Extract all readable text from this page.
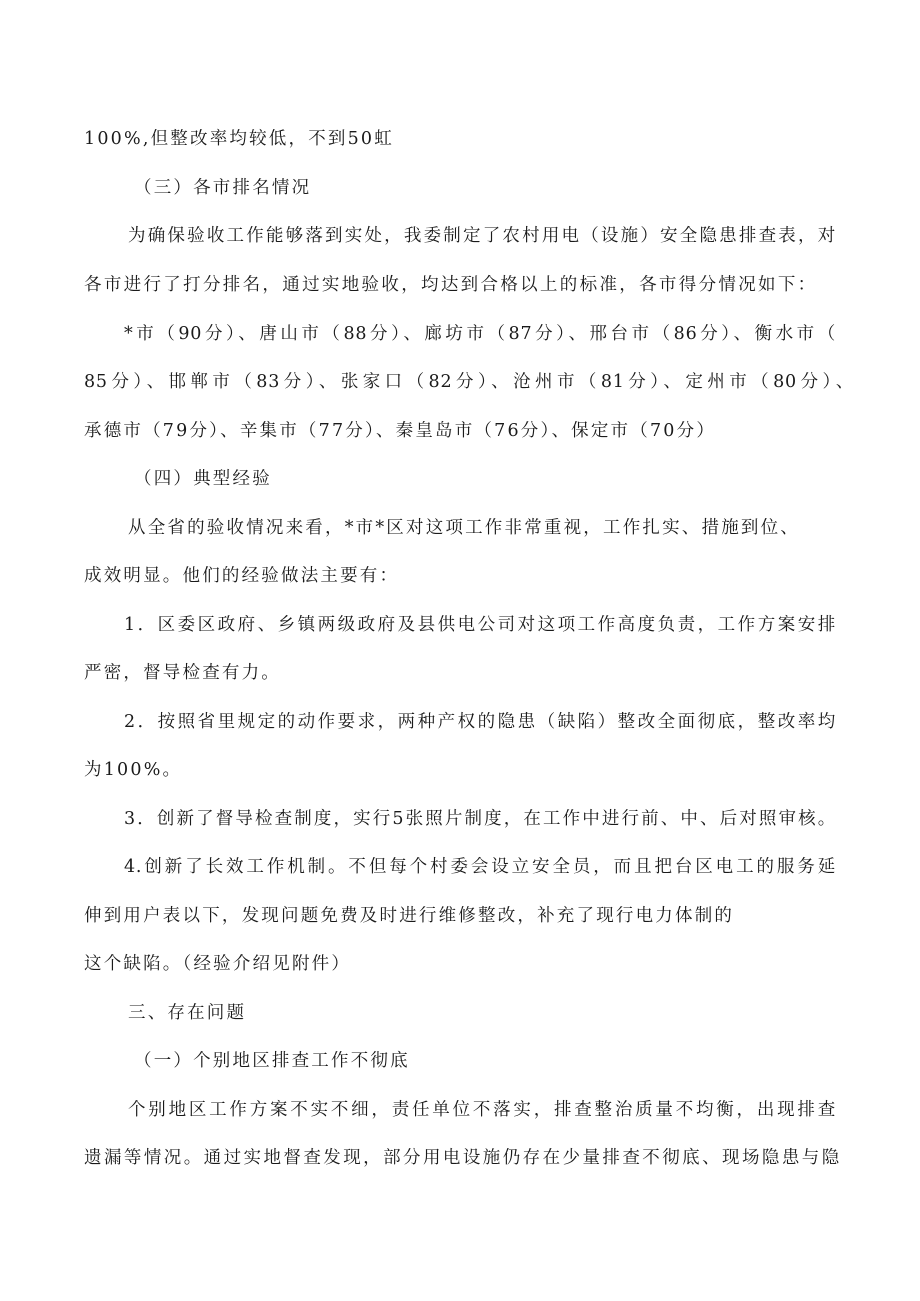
100%,但整改率均较低，不到50虹
（三）各市排名情况
为确保验收工作能够落到实处，我委制定了农村用电（设施）安全隐患排查表，对
各市进行了打分排名，通过实地验收，均达到合格以上的标准，各市得分情况如下：
*市（90分）、唐山市（88分）、廊坊市（87分）、邢台市（86分）、衡水市（
85分）、邯郸市（83分）、张家口（82分）、沧州市（81分）、定州市（80分）、
承德市（79分）、辛集市（77分）、秦皇岛市（76分）、保定市（70分）
（四）典型经验
从全省的验收情况来看，*市*区对这项工作非常重视，工作扎实、措施到位、
成效明显。他们的经验做法主要有：
1．区委区政府、乡镇两级政府及县供电公司对这项工作高度负责，工作方案安排
严密，督导检查有力。
2．按照省里规定的动作要求，两种产权的隐患（缺陷）整改全面彻底，整改率均
为100%。
3．创新了督导检查制度，实行5张照片制度，在工作中进行前、中、后对照审核。
4.创新了长效工作机制。不但每个村委会设立安全员，而且把台区电工的服务延
伸到用户表以下，发现问题免费及时进行维修整改，补充了现行电力体制的
这个缺陷。（经验介绍见附件）
三、存在问题
（一）个别地区排查工作不彻底
个别地区工作方案不实不细，责任单位不落实，排查整治质量不均衡，出现排查
遗漏等情况。通过实地督查发现，部分用电设施仍存在少量排查不彻底、现场隐患与隐
